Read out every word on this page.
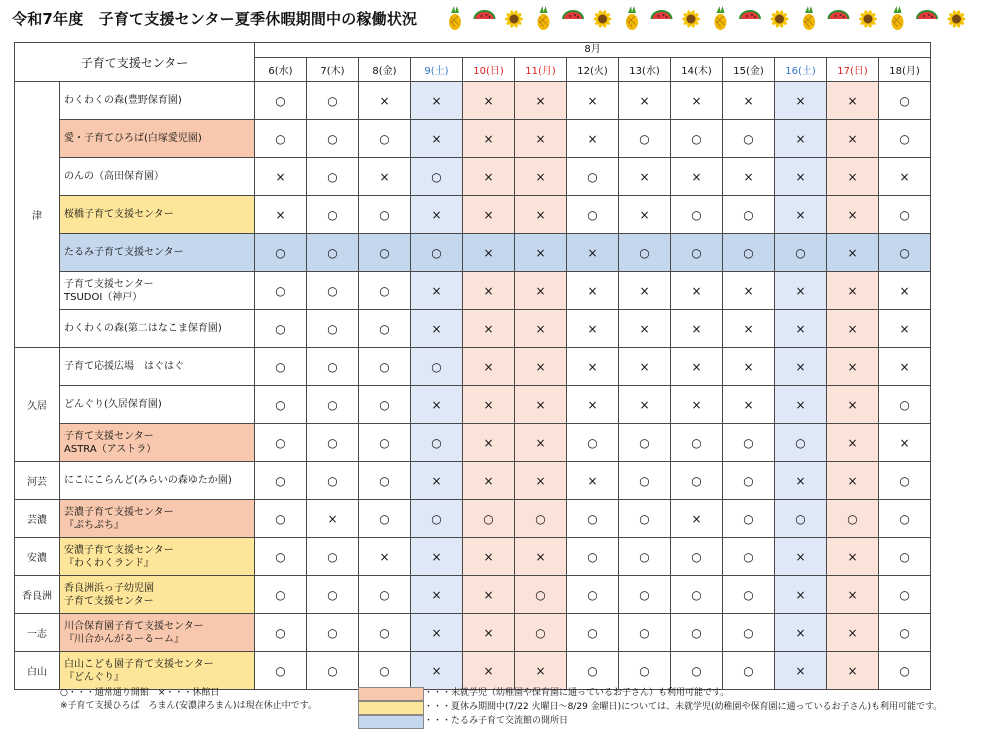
令和7年度　子育て支援センター夏季休暇期間中の稼働状況
子育て支援センター		8月												
		6(水)	7(木)	8(金)	9(土)	10(日)	11(月)	12(火)	13(水)	14(木)	15(金)	16(土)	17(日)	18(月)
津	わくわくの森(豊野保育園)	○	○	×	×	×	×	×	×	×	×	×	×	○

	愛・子育てひろば(白塚愛児園)	○	○	○	×	×	×	×	○	○	○	×	×	○

	のんの（高田保育園）	×	○	×	○	×	×	○	×	×	×	×	×	×

	桜橋子育て支援センター	×	○	○	×	×	×	○	×	○	○	×	×	○

	たるみ子育て支援センター	○	○	○	○	×	×	×	○	○	○	○	×	○

	子育て支援センター
TSUDOI（神戸）	○	○	○	×	×	×	×	×	×	×	×	×	×

	わくわくの森(第二はなこま保育園)	○	○	○	×	×	×	×	×	×	×	×	×	×
久居	子育て応援広場　はぐはぐ	○	○	○	○	×	×	×	×	×	×	×	×	×

	どんぐり(久居保育園)	○	○	○	×	×	×	×	×	×	×	×	×	○

	子育て支援センター
ASTRA（アストラ）	○	○	○	○	×	×	○	○	○	○	○	×	×
河芸	にこにこらんど(みらいの森ゆたか園)	○	○	○	×	×	×	×	○	○	○	×	×	○
芸濃	芸濃子育て支援センター
『ぷちぷち』	○	×	○	○	○	○	○	○	×	○	○	○	○
安濃	安濃子育て支援センター
『わくわくランド』	○	○	×	×	×	×	○	○	○	○	×	×	○
香良洲	香良洲浜っ子幼児園
子育て支援センター	○	○	○	×	×	○	○	○	○	○	×	×	○
一志	川合保育園子育て支援センター
『川合かんがるーるーム』	○	○	○	×	×	○	○	○	○	○	×	×	○
白山	白山こども園子育て支援センター
『どんぐり』	○	○	○	×	×	×	○	○	○	○	×	×	○
○・・・通常通り開館　×・・・休館日
※子育て支援ひろば　ろまん(安濃津ろまん)は現在休止中です。
・・・未就学児（幼稚園や保育園に通っているお子さん）も利用可能です。
・・・夏休み期間中(7/22 火曜日～8/29 金曜日)については、未就学児(幼稚園や保育園に通っているお子さん)も利用可能です。
・・・たるみ子育て交流館の開所日
